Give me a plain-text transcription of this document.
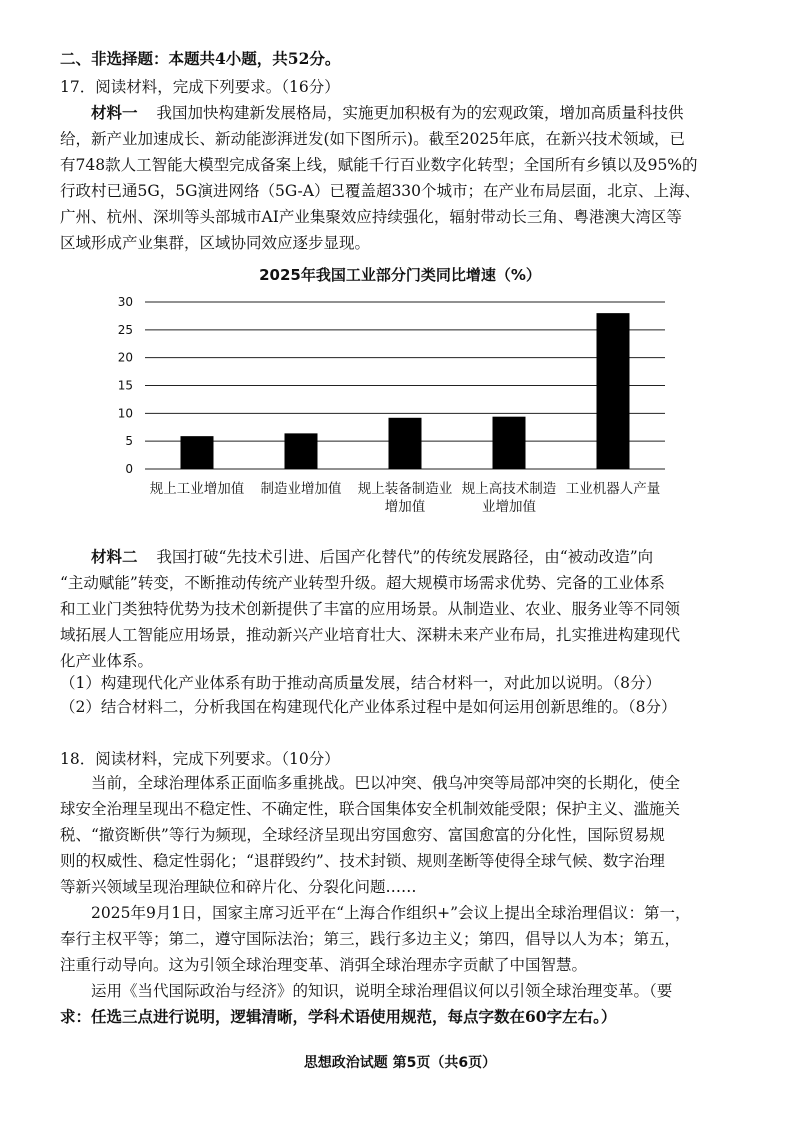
二、非选择题：本题共4小题，共52分。
17．阅读材料，完成下列要求。（16分）
材料一 我国加快构建新发展格局，实施更加积极有为的宏观政策，增加高质量科技供
给，新产业加速成长、新动能澎湃迸发(如下图所示)。截至2025年底，在新兴技术领域，已
有748款人工智能大模型完成备案上线，赋能千行百业数字化转型；全国所有乡镇以及95%的
行政村已通5G，5G演进网络（5G-A）已覆盖超330个城市；在产业布局层面，北京、上海、
广州、杭州、深圳等头部城市AI产业集聚效应持续强化，辐射带动长三角、粤港澳大湾区等
区域形成产业集群，区域协同效应逐步显现。
2025年我国工业部分门类同比增速（%）
0
5
10
15
20
25
30
规上工业增加值 制造业增加值 规上装备制造业增加值
规上高技术制造业增加值
工业机器人产量
材料二 我国打破“先技术引进、后国产化替代”的传统发展路径，由“被动改造”向
“主动赋能”转变，不断推动传统产业转型升级。超大规模市场需求优势、完备的工业体系
和工业门类独特优势为技术创新提供了丰富的应用场景。从制造业、农业、服务业等不同领
域拓展人工智能应用场景，推动新兴产业培育壮大、深耕未来产业布局，扎实推进构建现代
化产业体系。
（1）构建现代化产业体系有助于推动高质量发展，结合材料一，对此加以说明。（8分）
（2）结合材料二，分析我国在构建现代化产业体系过程中是如何运用创新思维的。（8分）
18．阅读材料，完成下列要求。（10分）
当前，全球治理体系正面临多重挑战。巴以冲突、俄乌冲突等局部冲突的长期化，使全
球安全治理呈现出不稳定性、不确定性，联合国集体安全机制效能受限；保护主义、滥施关
税、“撤资断供”等行为频现，全球经济呈现出穷国愈穷、富国愈富的分化性，国际贸易规
则的权威性、稳定性弱化；“退群毁约”、技术封锁、规则垄断等使得全球气候、数字治理
等新兴领域呈现治理缺位和碎片化、分裂化问题……
2025年9月1日，国家主席习近平在“上海合作组织+”会议上提出全球治理倡议：第一，
奉行主权平等；第二，遵守国际法治；第三，践行多边主义；第四，倡导以人为本；第五，
注重行动导向。这为引领全球治理变革、消弭全球治理赤字贡献了中国智慧。
运用《当代国际政治与经济》的知识，说明全球治理倡议何以引领全球治理变革。（要
求：任选三点进行说明，逻辑清晰，学科术语使用规范，每点字数在60字左右。）
思想政治试题 第5页（共6页）
